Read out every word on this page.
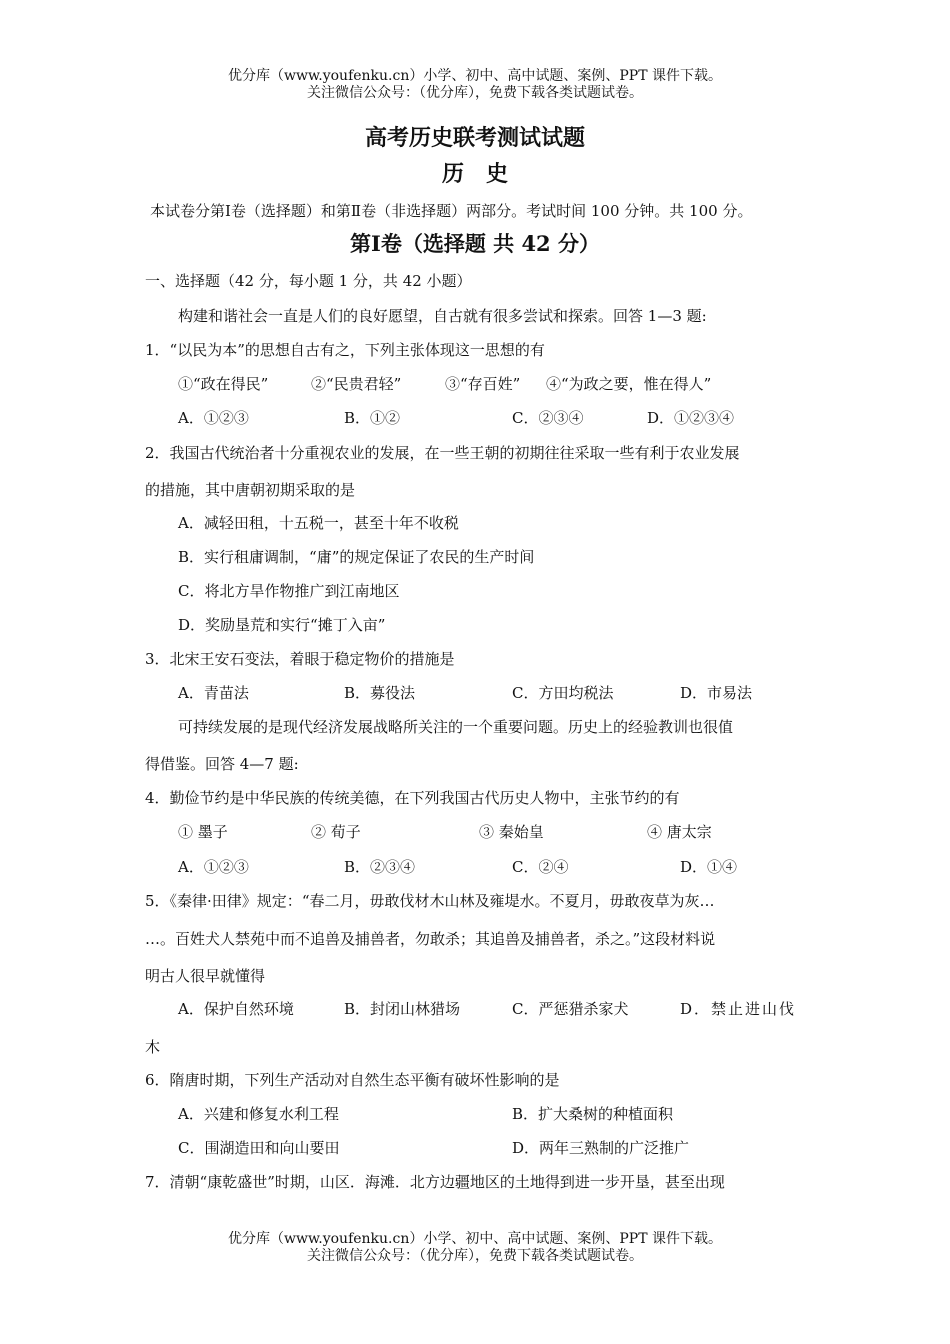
优分库（www.youfenku.cn）小学、初中、高中试题、案例、PPT 课件下载。
关注微信公众号：（优分库），免费下载各类试题试卷。
高考历史联考测试试题
历　史
本试卷分第Ⅰ卷（选择题）和第Ⅱ卷（非选择题）两部分。考试时间 100 分钟。共 100 分。
第Ⅰ卷（选择题 共 42 分）
一、选择题（42 分，每小题 1 分，共 42 小题）
构建和谐社会一直是人们的良好愿望，自古就有很多尝试和探索。回答 1—3 题:
1．“以民为本”的思想自古有之，下列主张体现这一思想的有
①“政在得民”	②“民贵君轻”	③“存百姓” ④“为政之要，惟在得人”
A．①②③	B．①②	C．②③④	D．①②③④
2．我国古代统治者十分重视农业的发展，在一些王朝的初期往往采取一些有利于农业发展
的措施，其中唐朝初期采取的是
A．减轻田租，十五税一，甚至十年不收税
B．实行租庸调制，“庸”的规定保证了农民的生产时间
C．将北方旱作物推广到江南地区
D．奖励垦荒和实行“摊丁入亩”
3．北宋王安石变法，着眼于稳定物价的措施是
A．青苗法	B．募役法	C．方田均税法	D．市易法
可持续发展的是现代经济发展战略所关注的一个重要问题。历史上的经验教训也很值
得借鉴。回答 4—7 题:
4．勤俭节约是中华民族的传统美德，在下列我国古代历史人物中，主张节约的有
① 墨子	② 荀子	③ 秦始皇	④ 唐太宗
A．①②③	B．②③④	C．②④	D．①④
5．《秦律·田律》规定：“春二月，毋敢伐材木山林及雍堤水。不夏月，毋敢夜草为灰…
…。百姓犬人禁苑中而不追兽及捕兽者，勿敢杀；其追兽及捕兽者，杀之。”这段材料说
明古人很早就懂得
A．保护自然环境	B．封闭山林猎场	C．严惩猎杀家犬	D．禁止进山伐
木
6．隋唐时期，下列生产活动对自然生态平衡有破坏性影响的是
A．兴建和修复水利工程	B．扩大桑树的种植面积
C．围湖造田和向山要田	D．两年三熟制的广泛推广
7．清朝“康乾盛世”时期，山区．海滩．北方边疆地区的土地得到进一步开垦，甚至出现
优分库（www.youfenku.cn）小学、初中、高中试题、案例、PPT 课件下载。
关注微信公众号：（优分库），免费下载各类试题试卷。
